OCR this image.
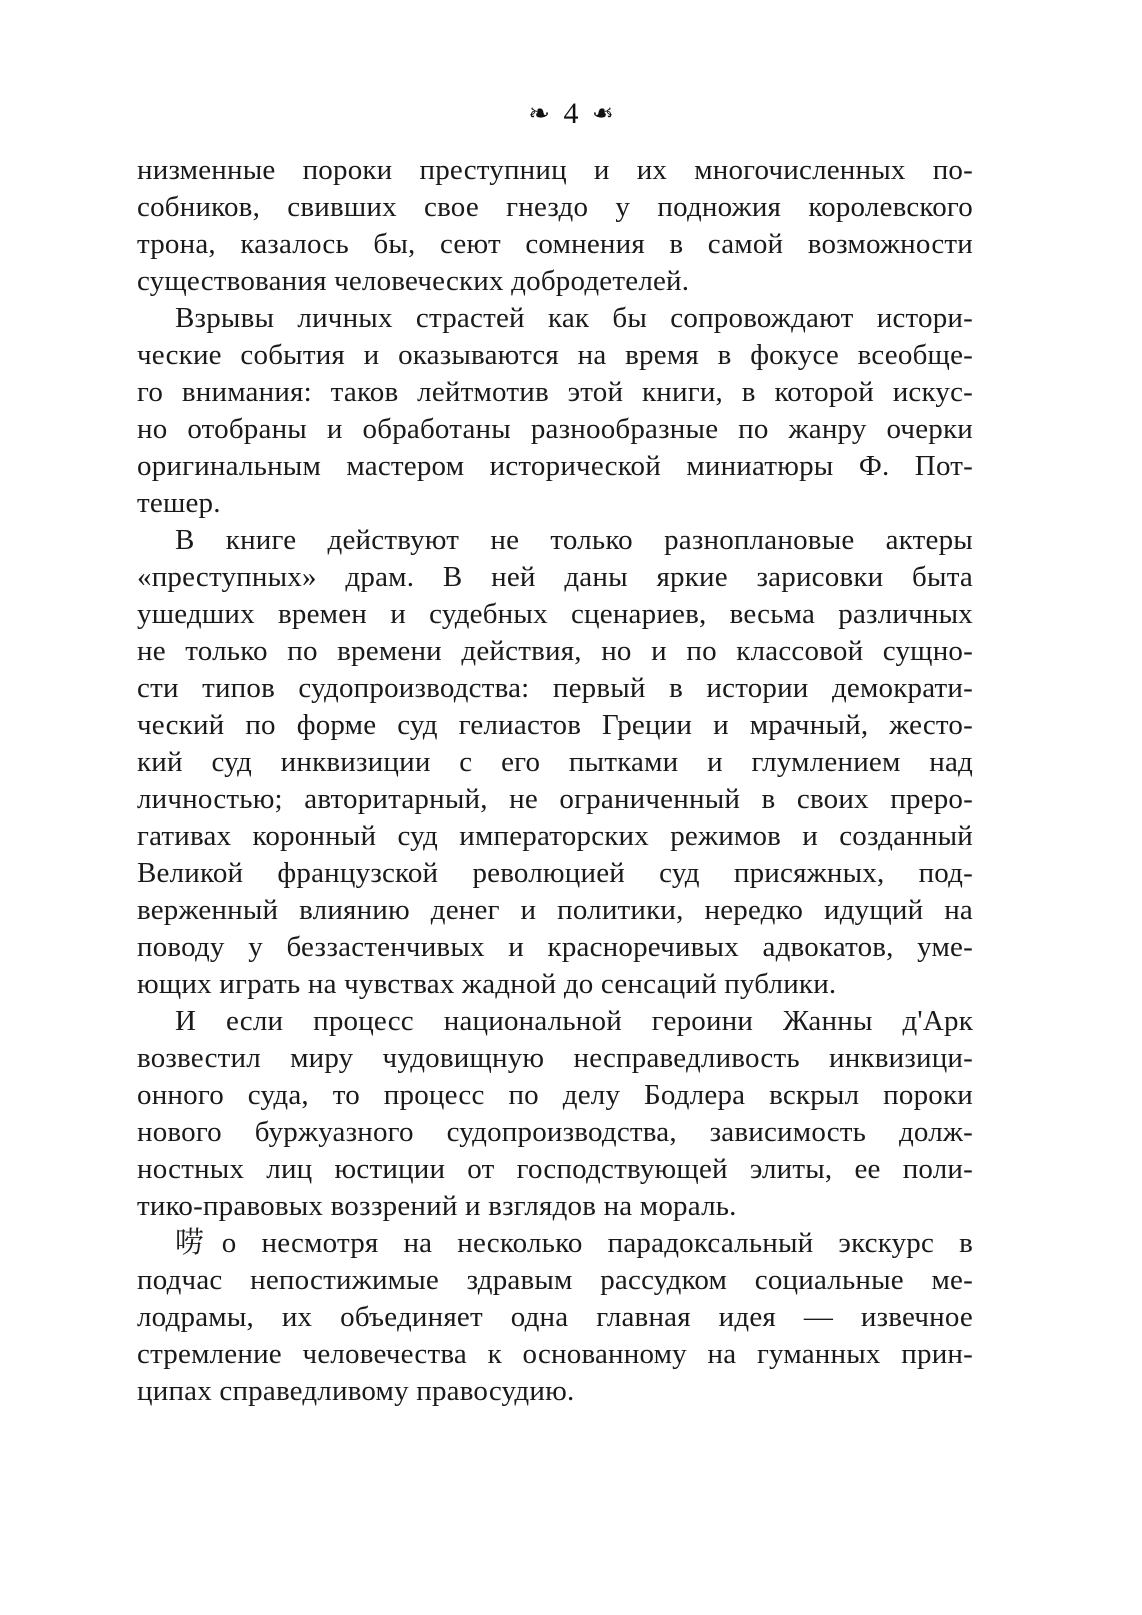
❧ 4 ❧
низменные пороки преступниц и их многочисленных по-
собников, свивших свое гнездо у подножия королевского
трона, казалось бы, сеют сомнения в самой возможности
существования человеческих добродетелей.
Взрывы личных страстей как бы сопровождают истори-
ческие события и оказываются на время в фокусе всеобще-
го внимания: таков лейтмотив этой книги, в которой искус-
но отобраны и обработаны разнообразные по жанру очерки
оригинальным мастером исторической миниатюры Ф. Пот-
тешер.
В книге действуют не только разноплановые актеры
«преступных» драм. В ней даны яркие зарисовки быта
ушедших времен и судебных сценариев, весьма различных
не только по времени действия, но и по классовой сущно-
сти типов судопроизводства: первый в истории демократи-
ческий по форме суд гелиастов Греции и мрачный, жесто-
кий суд инквизиции с его пытками и глумлением над
личностью; авторитарный, не ограниченный в своих преро-
гативах коронный суд императорских режимов и созданный
Великой французской революцией суд присяжных, под-
верженный влиянию денег и политики, нередко идущий на
поводу у беззастенчивых и красноречивых адвокатов, уме-
ющих играть на чувствах жадной до сенсаций публики.
И если процесс национальной героини Жанны д'Арк
возвестил миру чудовищную несправедливость инквизици-
онного суда, то процесс по делу Бодлера вскрыл пороки
нового буржуазного судопроизводства, зависимость долж-
ностных лиц юстиции от господствующей элиты, ее поли-
тико-правовых воззрений и взглядов на мораль.
唠о несмотря на несколько парадоксальный экскурс в
подчас непостижимые здравым рассудком социальные ме-
лодрамы, их объединяет одна главная идея — извечное
стремление человечества к основанному на гуманных прин-
ципах справедливому правосудию.
